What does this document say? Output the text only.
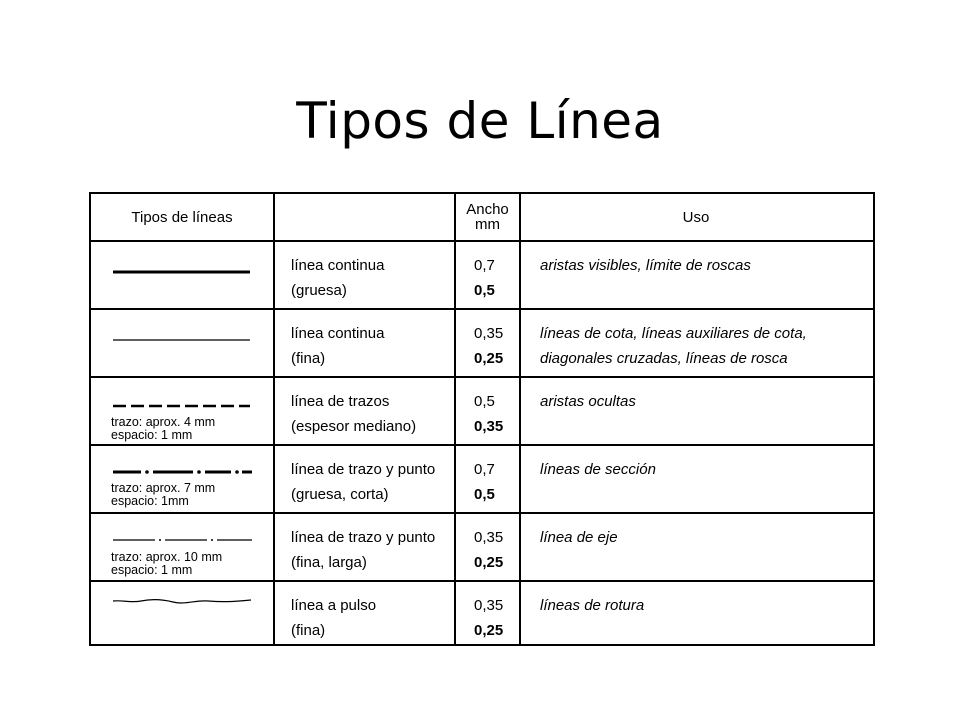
Tipos de Línea
Tipos de líneas	Ancho
mm	Uso
línea continua
(gruesa)
0,7
0,5
aristas visibles, límite de roscas
línea continua
(fina)
0,35
0,25
líneas de cota, líneas auxiliares de cota,
diagonales cruzadas, líneas de rosca
trazo: aprox. 4 mm
espacio: 1 mm
línea de trazos
(espesor mediano)
0,5
0,35
aristas ocultas
trazo: aprox. 7 mm
espacio: 1mm
línea de trazo y punto
(gruesa, corta)
0,7
0,5
líneas de sección
trazo: aprox. 10 mm
espacio: 1 mm
línea de trazo y punto
(fina, larga)
0,35
0,25
línea de eje
línea a pulso
(fina)
0,35
0,25
líneas de rotura
